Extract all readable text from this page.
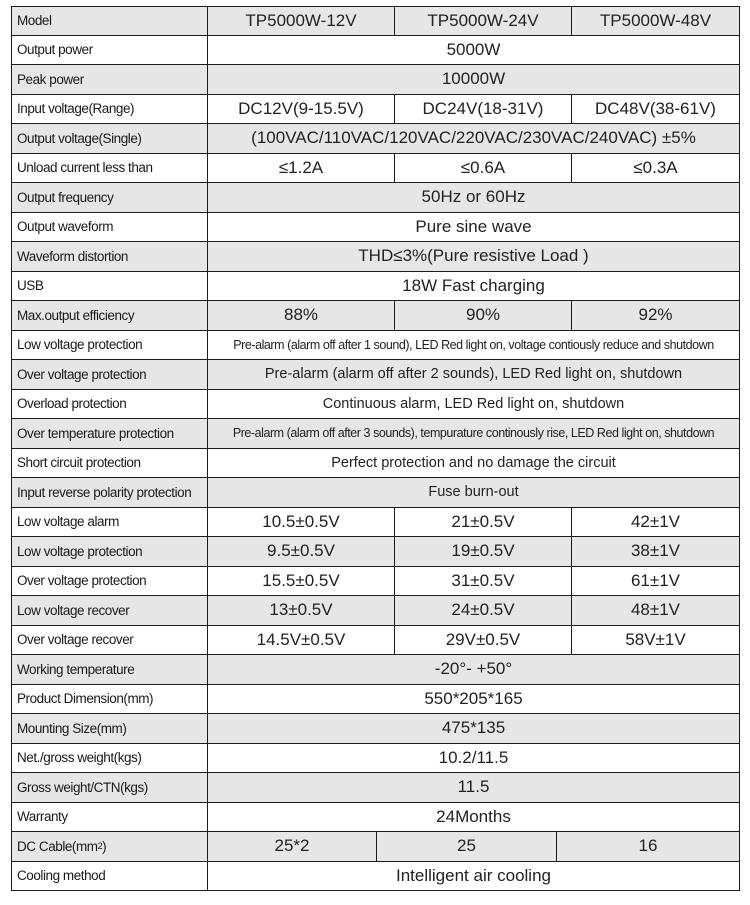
Model	TP5000W-12V	TP5000W-24V	TP5000W-48V
Output power	5000W
Peak power	10000W
Input voltage(Range)	DC12V(9-15.5V)	DC24V(18-31V)	DC48V(38-61V)
Output voltage(Single)	(100VAC/110VAC/120VAC/220VAC/230VAC/240VAC) ±5%
Unload current less than	≤1.2A	≤0.6A	≤0.3A
Output frequency	50Hz or 60Hz
Output waveform	Pure sine wave
Waveform distortion	THD≤3%(Pure resistive Load )
USB	18W Fast charging
Max.output efficiency	88%	90%	92%
Low voltage protection	Pre-alarm (alarm off after 1 sound), LED Red light on, voltage contiously reduce and shutdown
Over voltage protection	Pre-alarm (alarm off after 2 sounds), LED Red light on, shutdown
Overload protection	Continuous alarm, LED Red light on, shutdown
Over temperature protection	Pre-alarm (alarm off after 3 sounds), tempurature continously rise, LED Red light on, shutdown
Short circuit protection	Perfect protection and no damage the circuit
Input reverse polarity protection	Fuse burn-out
Low voltage alarm	10.5±0.5V	21±0.5V	42±1V
Low voltage protection	9.5±0.5V	19±0.5V	38±1V
Over voltage protection	15.5±0.5V	31±0.5V	61±1V
Low voltage recover	13±0.5V	24±0.5V	48±1V
Over voltage recover	14.5V±0.5V	29V±0.5V	58V±1V
Working temperature	-20°- +50°
Product Dimension(mm)	550*205*165
Mounting Size(mm)	475*135
Net./gross weight(kgs)	10.2/11.5
Gross weight/CTN(kgs)	11.5
Warranty	24Months
DC Cable(mm 2 )	25*2	25	16
Cooling method	Intelligent air cooling
